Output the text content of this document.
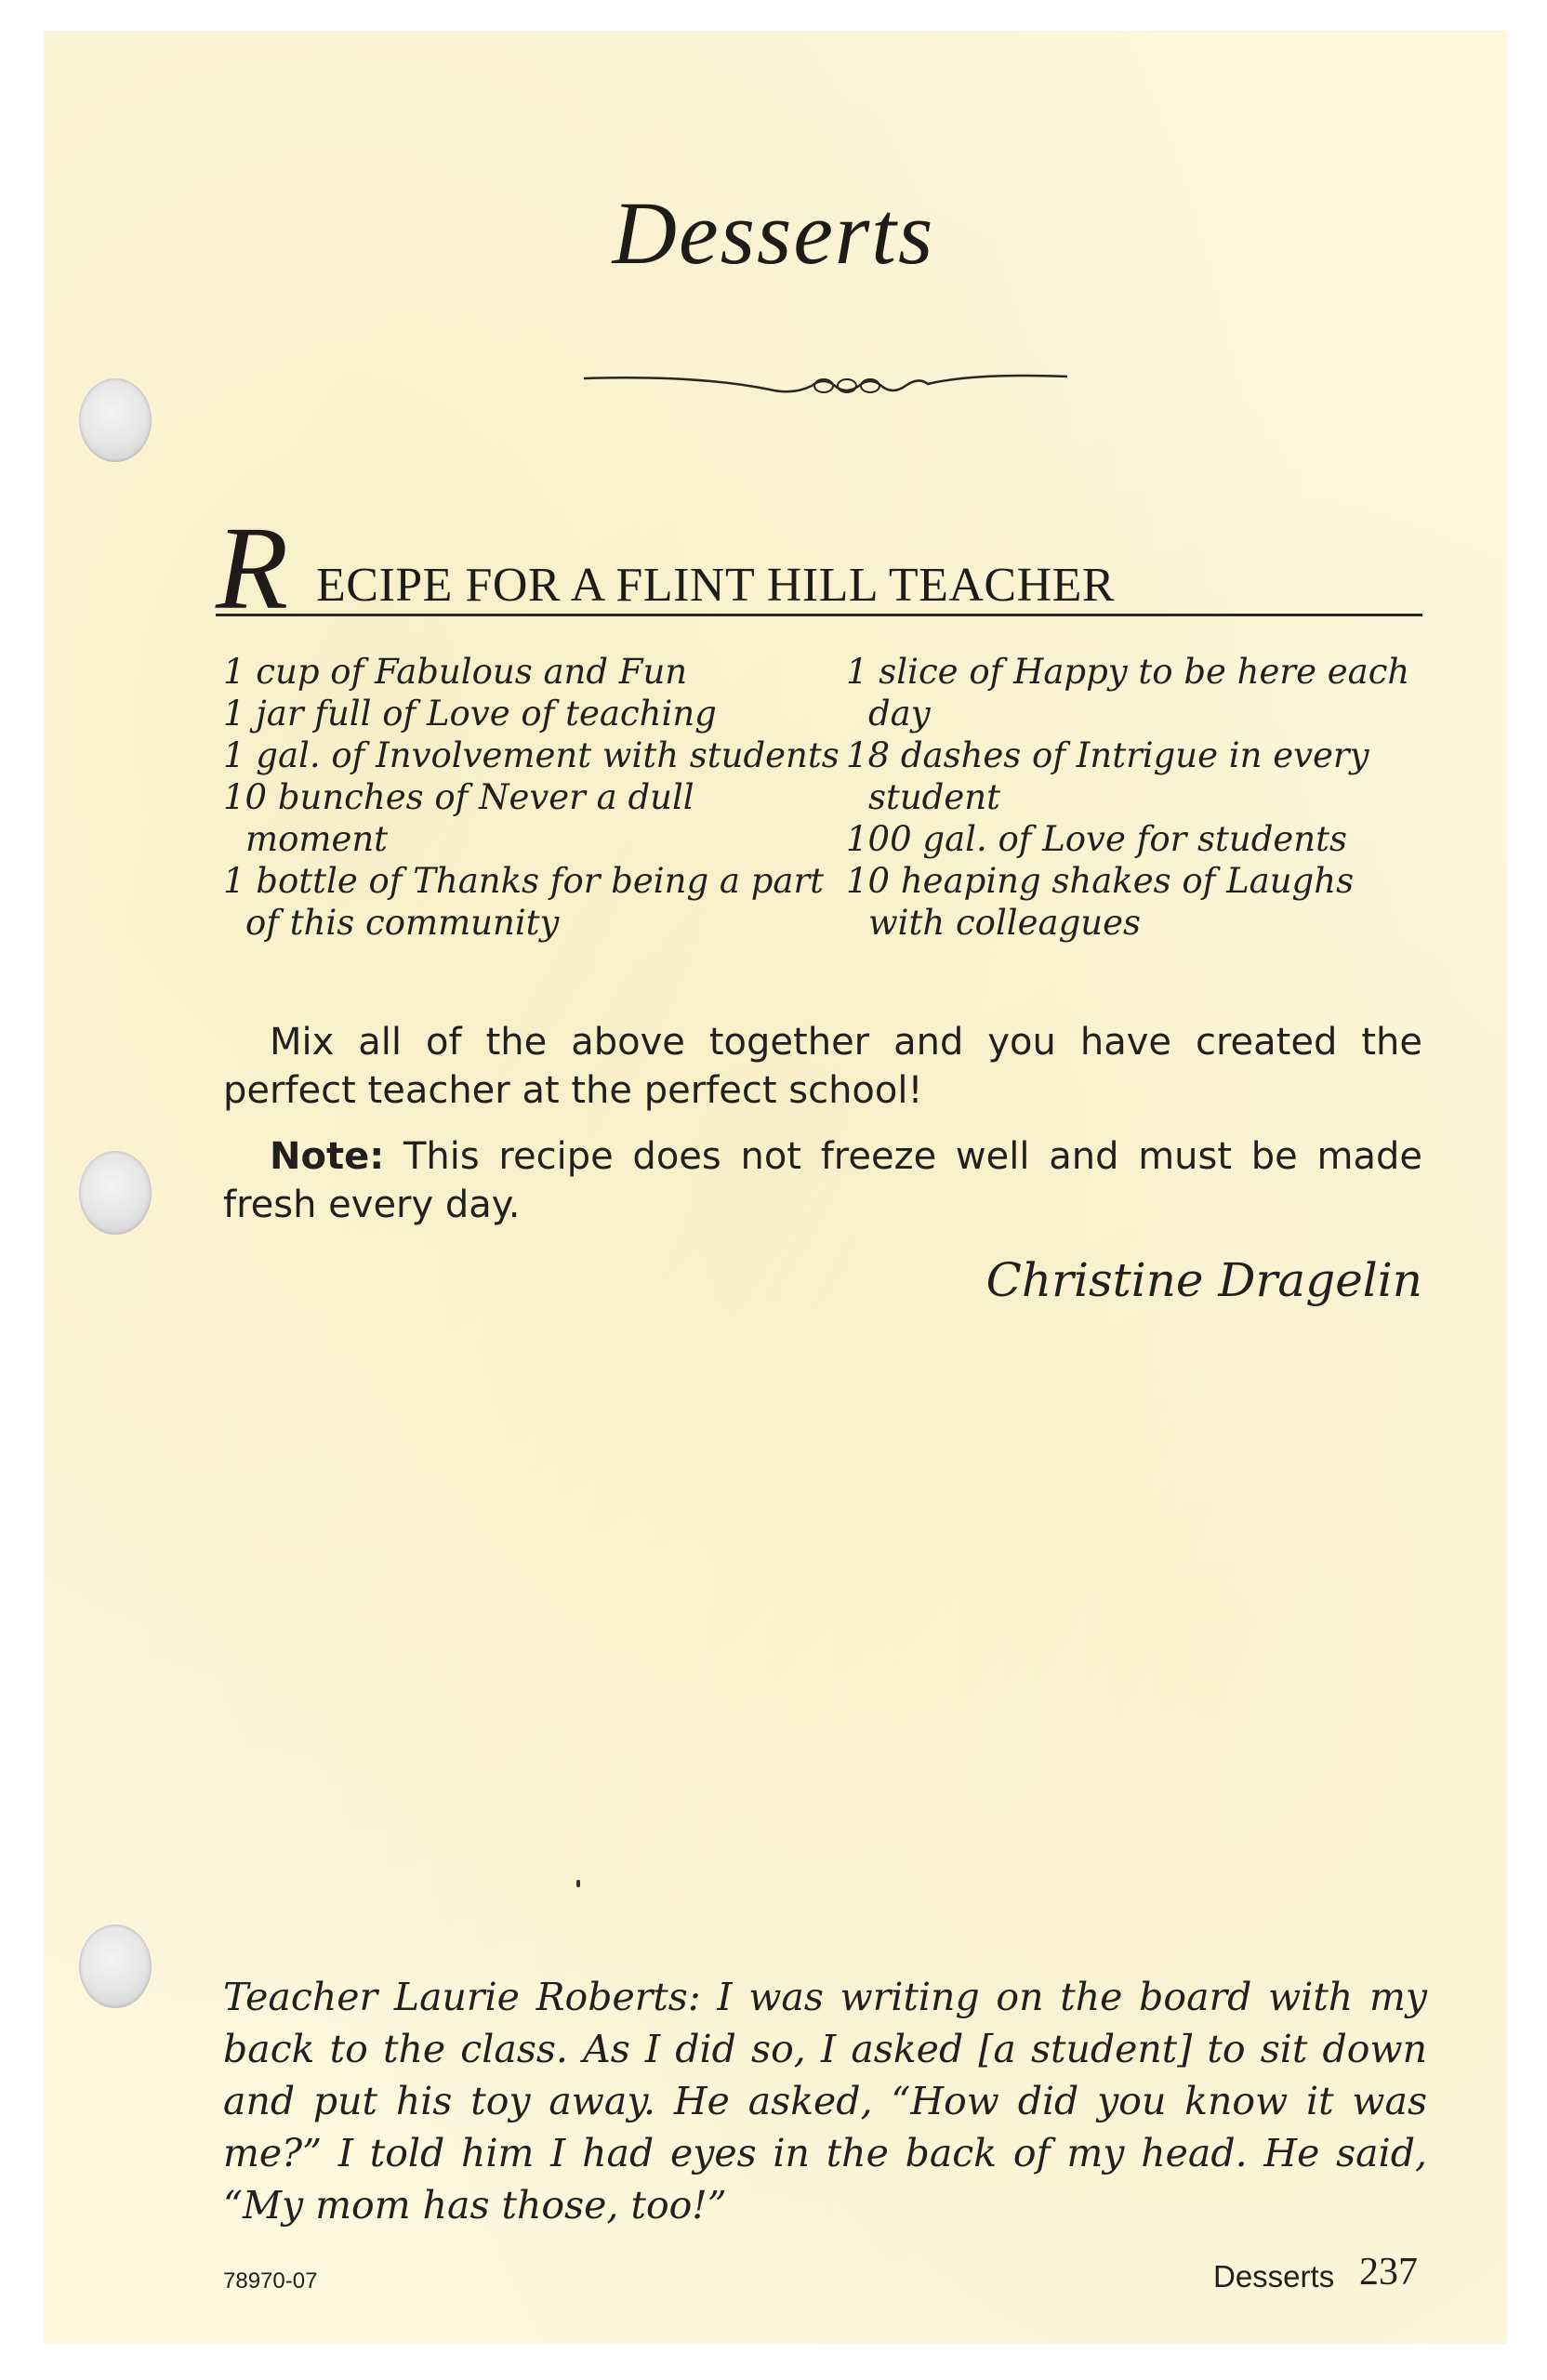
Desserts
R ECIPE FOR A FLINT HILL TEACHER
1 cup of Fabulous and Fun
1 jar full of Love of teaching
1 gal. of Involvement with students
10 bunches of Never a dull moment
1 bottle of Thanks for being a part of this community
1 slice of Happy to be here each day
18 dashes of Intrigue in every student
100 gal. of Love for students
10 heaping shakes of Laughs with colleagues
Mix all of the above together and you have created the perfect teacher at the perfect school!
Note: This recipe does not freeze well and must be made fresh every day.
Christine Dragelin
Teacher Laurie Roberts: I was writing on the board with my back to the class. As I did so, I asked [a student] to sit down and put his toy away. He asked, “How did you know it was me?” I told him I had eyes in the back of my head. He said, “My mom has those, too!”
78970-07	Desserts 237
